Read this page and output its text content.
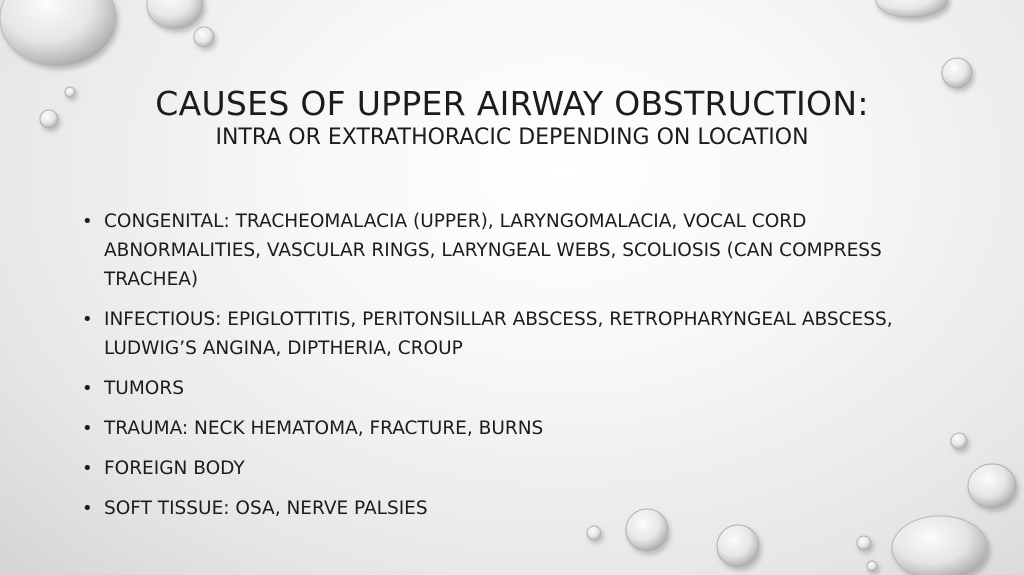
CAUSES OF UPPER AIRWAY OBSTRUCTION:
INTRA OR EXTRATHORACIC DEPENDING ON LOCATION
• CONGENITAL: TRACHEOMALACIA (UPPER), LARYNGOMALACIA, VOCAL CORD ABNORMALITIES, VASCULAR RINGS, LARYNGEAL WEBS, SCOLIOSIS (CAN COMPRESS TRACHEA)
• INFECTIOUS: EPIGLOTTITIS, PERITONSILLAR ABSCESS, RETROPHARYNGEAL ABSCESS, LUDWIG’S ANGINA, DIPTHERIA, CROUP
• TUMORS
• TRAUMA: NECK HEMATOMA, FRACTURE, BURNS
• FOREIGN BODY
• SOFT TISSUE: OSA, NERVE PALSIES
